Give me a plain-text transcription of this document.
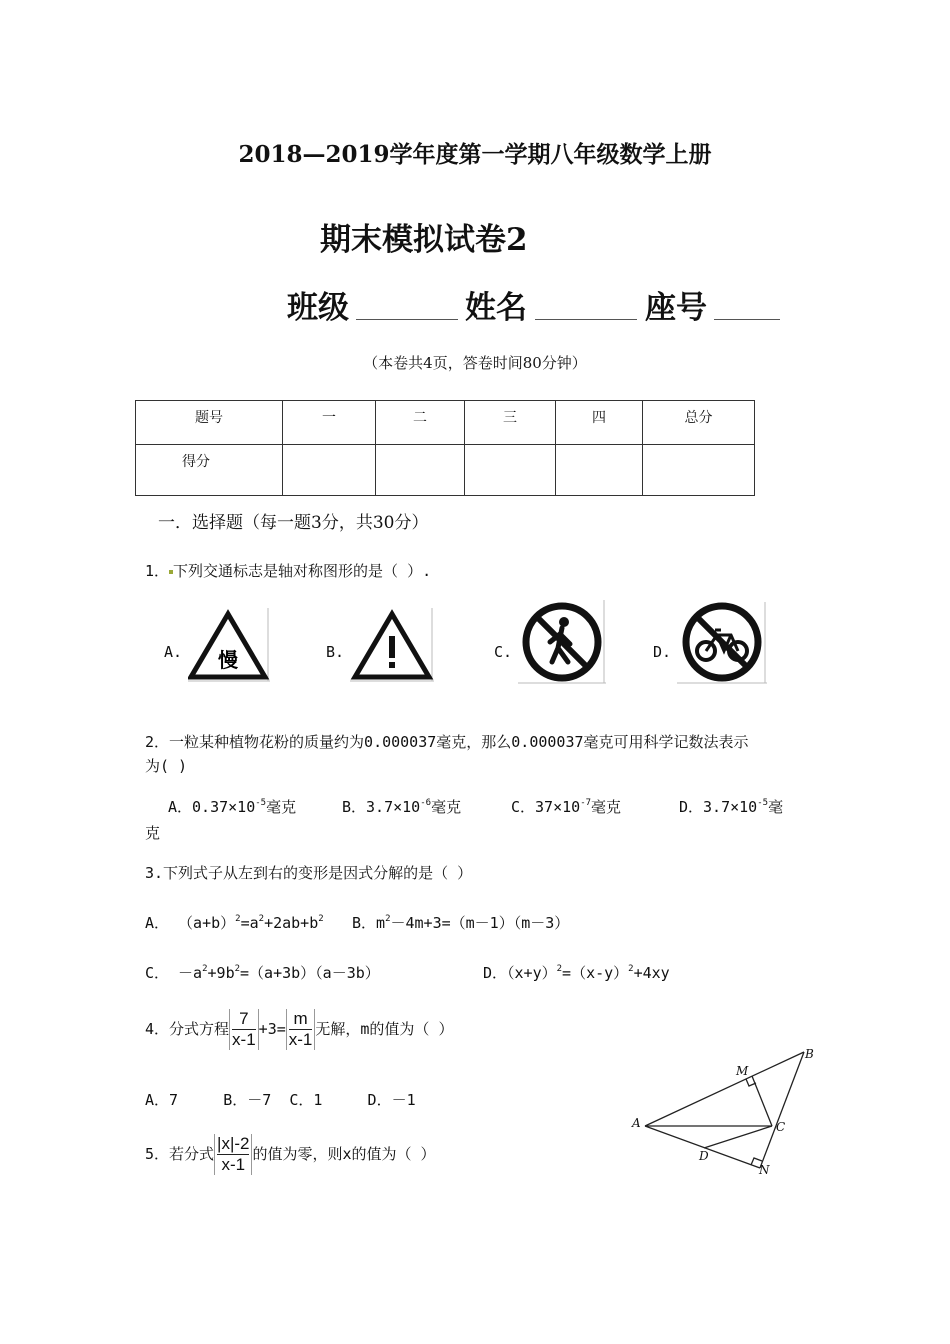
2018—2019学年度第一学期八年级数学上册
期末模拟试卷2
班级	姓名	座号
（本卷共4页，答卷时间80分钟）
题号	一	二	三	四	总分
得分					
一．选择题（每一题3分，共30分）
1． 下列交通标志是轴对称图形的是（ ）.
A. 慢	B.	C.	D.
2．一粒某种植物花粉的质量约为0.000037毫克，那么0.000037毫克可用科学记数法表示
为( )
A．$0.37\times 10^{-5}$毫克	B．$3.7\times 10^{-6}$毫克	C．$37\times 10^{-7}$毫克	D．$3.7\times 10^{-5}$毫
克
3.下列式子从左到右的变形是因式分解的是（ ）
A． $(a+b)^2=a^2+2ab+b^2$ B．$m^2-4m+3=(m-1)(m-3)$
C． $-a^2+9b^2=(a+3b)(a-3b)$	D．$(x+y)^2=(x-y)^2+4xy$
4．分式方程 $\frac{7}{x-1} +3= \frac{m}{x-1}$ 无解，m的值为（ ）
A．7     B．－7  C．1     D．－1
5．若分式 $\frac{|x|-2}{x-1}$ 的值为零，则x的值为（ ）
A
B
C
D
M
N
